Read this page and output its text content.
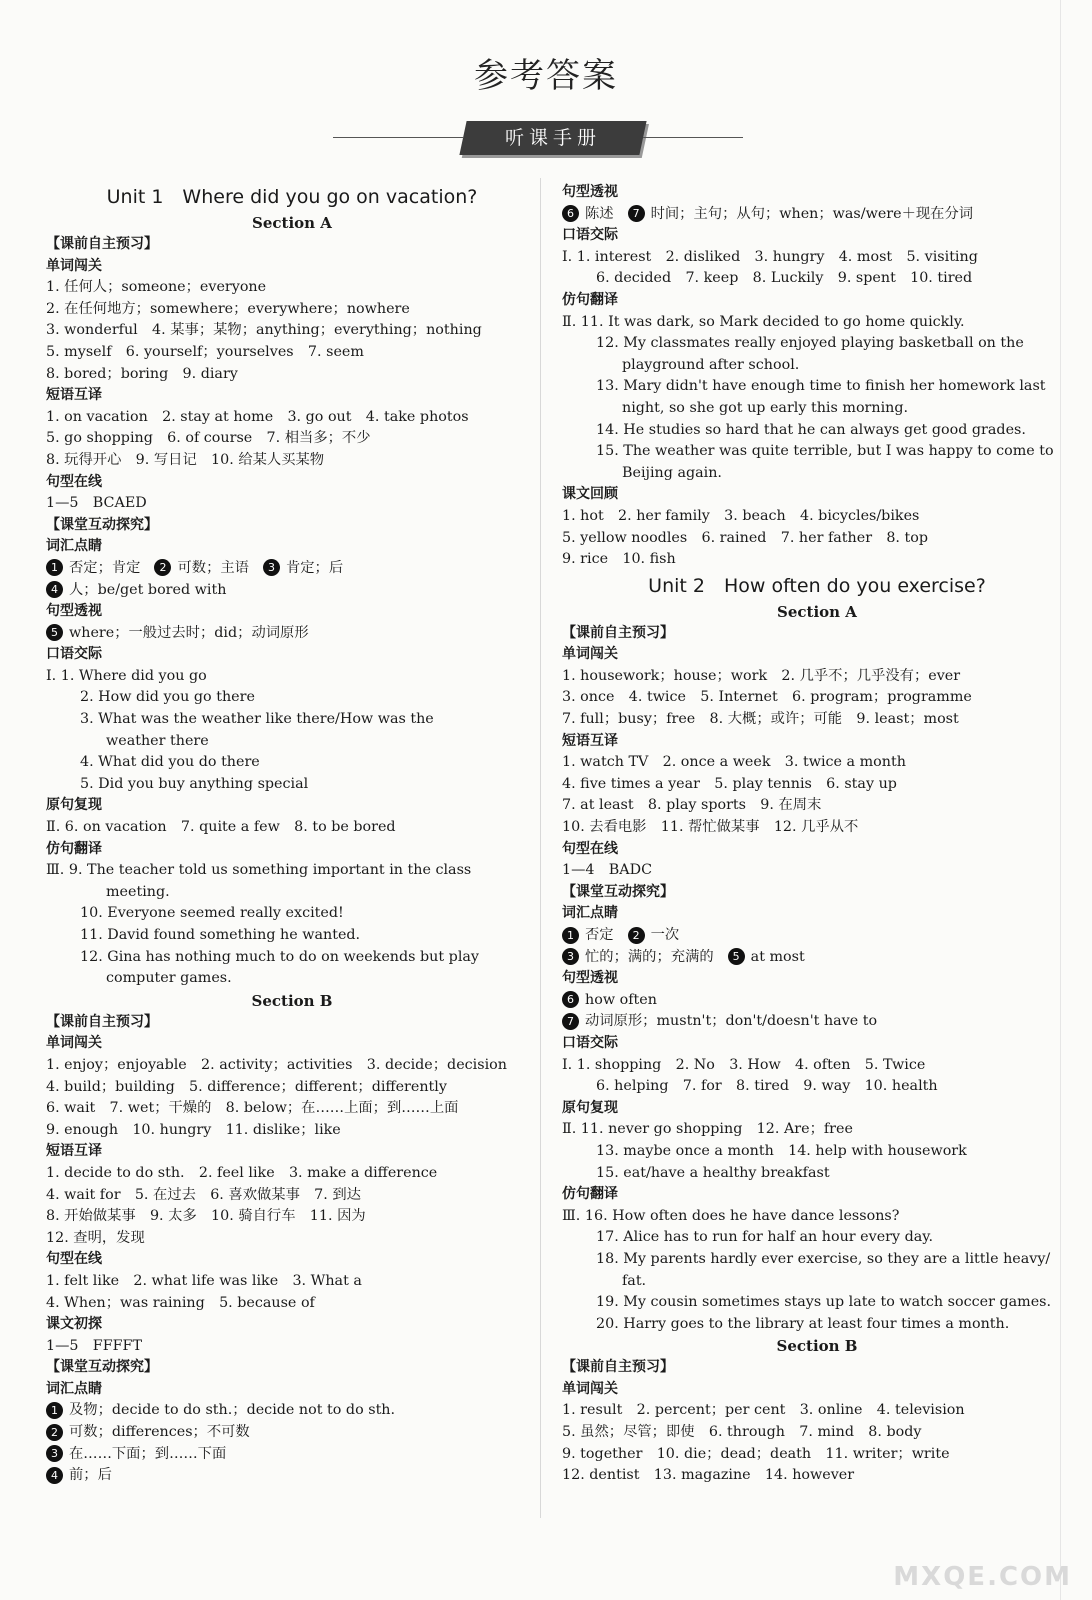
参考答案
听课手册
Unit 1　Where did you go on vacation?
Section A
【课前自主预习】
单词闯关
1. 任何人；someone；everyone
2. 在任何地方；somewhere；everywhere；nowhere
3. wonderful　4. 某事；某物；anything；everything；nothing
5. myself　6. yourself；yourselves　7. seem
8. bored；boring　9. diary
短语互译
1. on vacation　2. stay at home　3. go out　4. take photos
5. go shopping　6. of course　7. 相当多；不少
8. 玩得开心　9. 写日记　10. 给某人买某物
句型在线
1—5　BCAED
【课堂互动探究】
词汇点睛
1 否定；肯定 2 可数；主语 3 肯定；后
4 人；be/get bored with
句型透视
5 where；一般过去时；did；动词原形
口语交际
Ⅰ. 1. Where did you go
2. How did you go there
3. What was the weather like there/How was the
weather there
4. What did you do there
5. Did you buy anything special
原句复现
Ⅱ. 6. on vacation　7. quite a few　8. to be bored
仿句翻译
Ⅲ. 9. The teacher told us something important in the class
meeting.
10. Everyone seemed really excited!
11. David found something he wanted.
12. Gina has nothing much to do on weekends but play
computer games.
Section B
【课前自主预习】
单词闯关
1. enjoy；enjoyable　2. activity；activities　3. decide；decision
4. build；building　5. difference；different；differently
6. wait　7. wet；干燥的　8. below；在……上面；到……上面
9. enough　10. hungry　11. dislike；like
短语互译
1. decide to do sth.　2. feel like　3. make a difference
4. wait for　5. 在过去　6. 喜欢做某事　7. 到达
8. 开始做某事　9. 太多　10. 骑自行车　11. 因为
12. 查明，发现
句型在线
1. felt like　2. what life was like　3. What a
4. When；was raining　5. because of
课文初探
1—5　FFFFT
【课堂互动探究】
词汇点睛
1 及物；decide to do sth.；decide not to do sth.
2 可数；differences；不可数
3 在……下面；到……下面
4 前；后
句型透视
6 陈述 7 时间；主句；从句；when；was/were＋现在分词
口语交际
Ⅰ. 1. interest　2. disliked　3. hungry　4. most　5. visiting
6. decided　7. keep　8. Luckily　9. spent　10. tired
仿句翻译
Ⅱ. 11. It was dark, so Mark decided to go home quickly.
12. My classmates really enjoyed playing basketball on the
playground after school.
13. Mary didn't have enough time to finish her homework last
night, so she got up early this morning.
14. He studies so hard that he can always get good grades.
15. The weather was quite terrible, but I was happy to come to
Beijing again.
课文回顾
1. hot　2. her family　3. beach　4. bicycles/bikes
5. yellow noodles　6. rained　7. her father　8. top
9. rice　10. fish
Unit 2　How often do you exercise?
Section A
【课前自主预习】
单词闯关
1. housework；house；work　2. 几乎不；几乎没有；ever
3. once　4. twice　5. Internet　6. program；programme
7. full；busy；free　8. 大概；或许；可能　9. least；most
短语互译
1. watch TV　2. once a week　3. twice a month
4. five times a year　5. play tennis　6. stay up
7. at least　8. play sports　9. 在周末
10. 去看电影　11. 帮忙做某事　12. 几乎从不
句型在线
1—4　BADC
【课堂互动探究】
词汇点睛
1 否定 2 一次
3 忙的；满的；充满的 5 at most
句型透视
6 how often
7 动词原形；mustn't；don't/doesn't have to
口语交际
Ⅰ. 1. shopping　2. No　3. How　4. often　5. Twice
6. helping　7. for　8. tired　9. way　10. health
原句复现
Ⅱ. 11. never go shopping　12. Are；free
13. maybe once a month　14. help with housework
15. eat/have a healthy breakfast
仿句翻译
Ⅲ. 16. How often does he have dance lessons?
17. Alice has to run for half an hour every day.
18. My parents hardly ever exercise, so they are a little heavy/
fat.
19. My cousin sometimes stays up late to watch soccer games.
20. Harry goes to the library at least four times a month.
Section B
【课前自主预习】
单词闯关
1. result　2. percent；per cent　3. online　4. television
5. 虽然；尽管；即使　6. through　7. mind　8. body
9. together　10. die；dead；death　11. writer；write
12. dentist　13. magazine　14. however
MXQE.COM
